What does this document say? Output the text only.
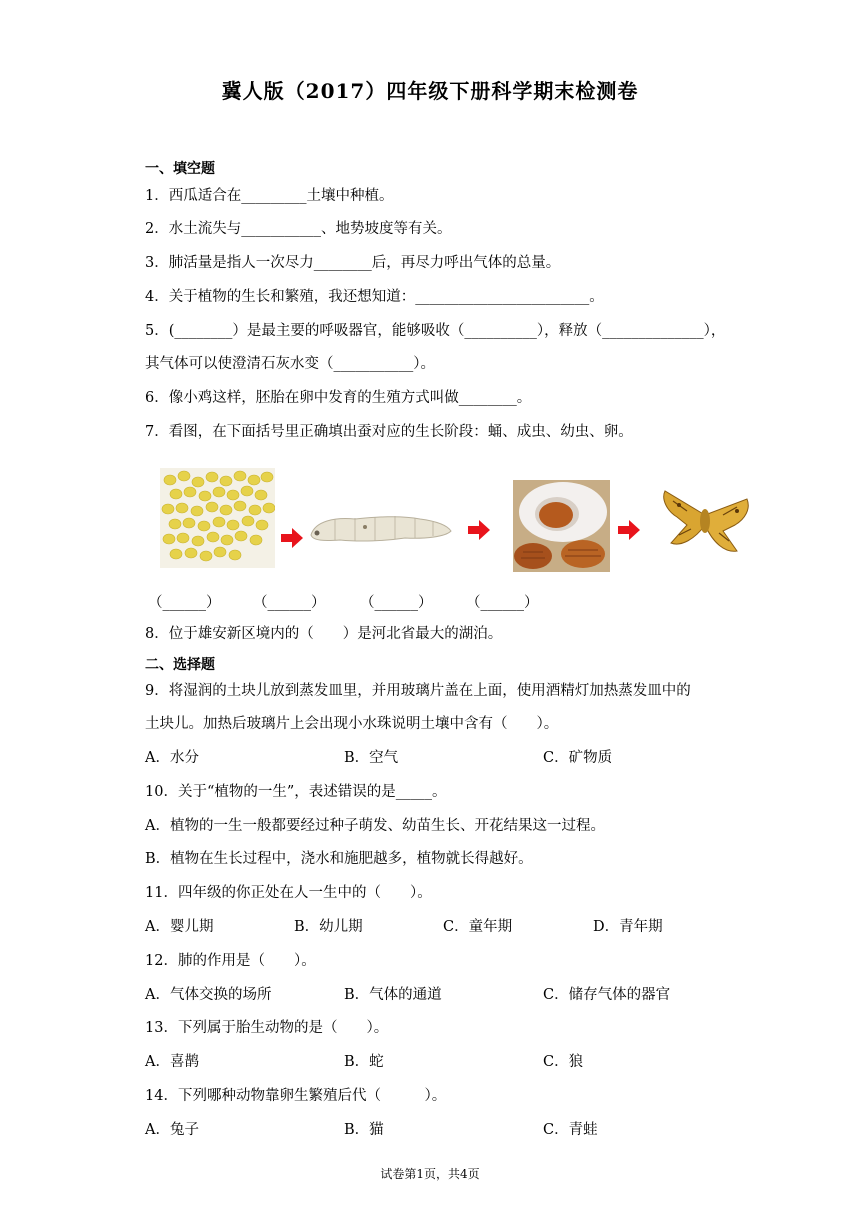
冀人版（2017）四年级下册科学期末检测卷
一、填空题
1．西瓜适合在_________土壤中种植。
2．水土流失与___________、地势坡度等有关。
3．肺活量是指人一次尽力________后，再尽力呼出气体的总量。
4．关于植物的生长和繁殖，我还想知道：________________________。
5．(________）是最主要的呼吸器官，能够吸收（__________），释放（______________），
其气体可以使澄清石灰水变（___________）。
6．像小鸡这样，胚胎在卵中发育的生殖方式叫做________。
7．看图，在下面括号里正确填出蚕对应的生长阶段：蛹、成虫、幼虫、卵。
（______） （______） （______） （______）
8．位于雄安新区境内的（　　）是河北省最大的湖泊。
二、选择题
9．将湿润的土块儿放到蒸发皿里，并用玻璃片盖在上面，使用酒精灯加热蒸发皿中的
土块儿。加热后玻璃片上会出现小水珠说明土壤中含有（　　）。
A．水分	B．空气	C．矿物质
10．关于“植物的一生”，表述错误的是_____。
A．植物的一生一般都要经过种子萌发、幼苗生长、开花结果这一过程。
B．植物在生长过程中，浇水和施肥越多，植物就长得越好。
11．四年级的你正处在人一生中的（　　）。
A．婴儿期	B．幼儿期	C．童年期	D．青年期
12．肺的作用是（　　）。
A．气体交换的场所	B．气体的通道	C．储存气体的器官
13．下列属于胎生动物的是（　　）。
A．喜鹊	B．蛇	C．狼
14．下列哪种动物靠卵生繁殖后代（　　　）。
A．兔子	B．猫	C．青蛙
试卷第1页，共4页
